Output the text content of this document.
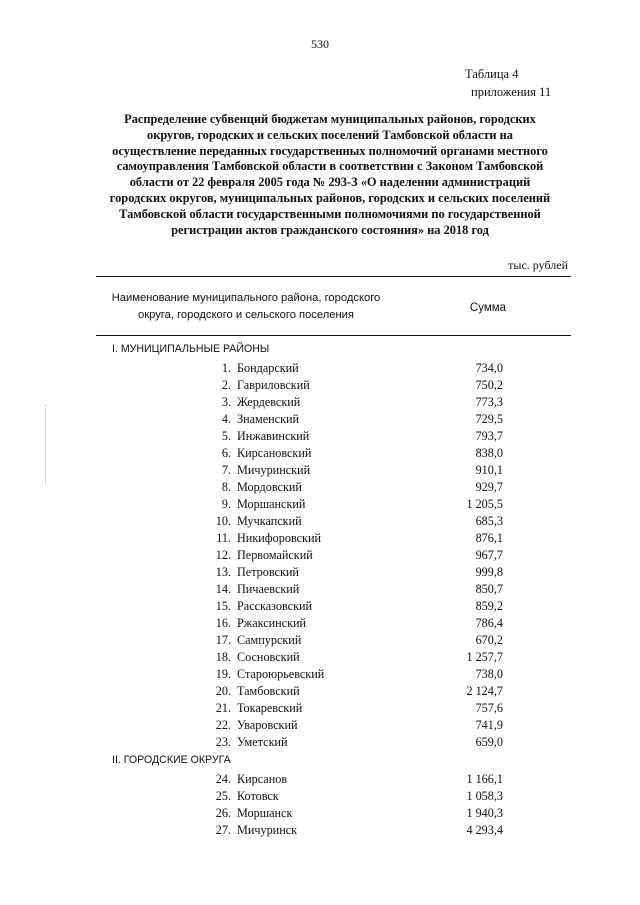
530
Таблица 4
приложения 11
Распределение субвенций бюджетам муниципальных районов, городских
округов, городских и сельских поселений Тамбовской области на
осуществление переданных государственных полномочий органами местного
самоуправления Тамбовской области в соответствии с Законом Тамбовской
области от 22 февраля 2005 года № 293-З «О наделении администраций
городских округов, муниципальных районов, городских и сельских поселений
Тамбовской области государственными полномочиями по государственной
регистрации актов гражданского состояния» на 2018 год
тыс. рублей
Наименование муниципального района, городского
округа, городского и сельского поселения
Сумма
I. МУНИЦИПАЛЬНЫЕ РАЙОНЫ
1. Бондарский	734,0
2. Гавриловский	750,2
3. Жердевский	773,3
4. Знаменский	729,5
5. Инжавинский	793,7
6. Кирсановский	838,0
7. Мичуринский	910,1
8. Мордовский	929,7
9. Моршанский	1 205,5
10. Мучкапский	685,3
11. Никифоровский	876,1
12. Первомайский	967,7
13. Петровский	999,8
14. Пичаевский	850,7
15. Рассказовский	859,2
16. Ржаксинский	786,4
17. Сампурский	670,2
18. Сосновский	1 257,7
19. Староюрьевский	738,0
20. Тамбовский	2 124,7
21. Токаревский	757,6
22. Уваровский	741,9
23. Уметский	659,0
II. ГОРОДСКИЕ ОКРУГА
24. Кирсанов	1 166,1
25. Котовск	1 058,3
26. Моршанск	1 940,3
27. Мичуринск	4 293,4
